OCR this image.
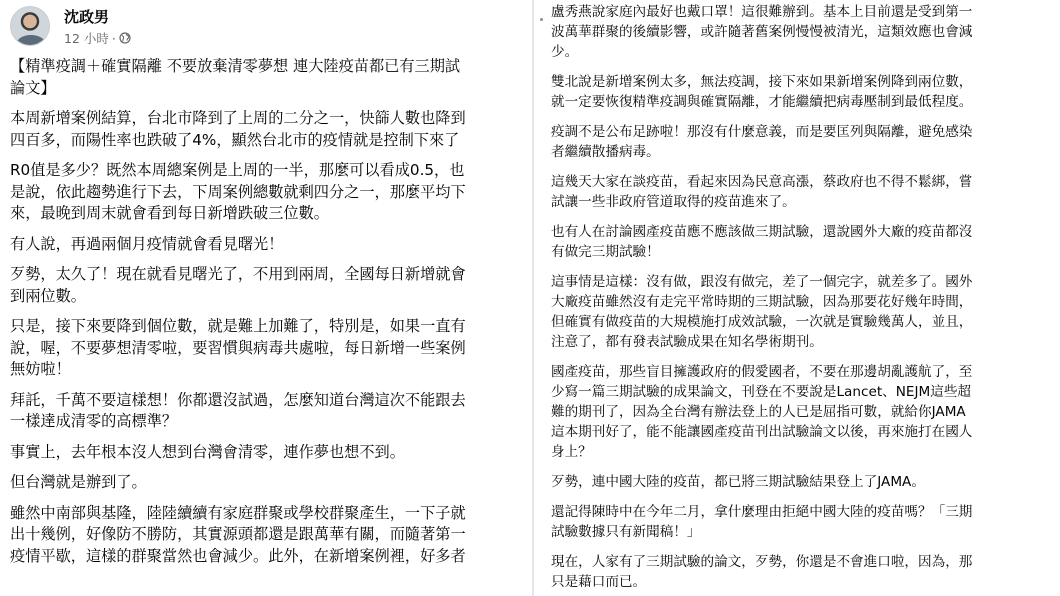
沈政男
12 小時 ·

【精準疫調＋確實隔離 不要放棄清零夢想 連大陸疫苗都已有三期試
論文】

本周新增案例結算，台北市降到了上周的二分之一，快篩人數也降到
四百多，而陽性率也跌破了4%，顯然台北市的疫情就是控制下來了

R0值是多少？既然本周總案例是上周的一半，那麼可以看成0.5，也
是說，依此趨勢進行下去，下周案例總數就剩四分之一，那麼平均下
來，最晚到周末就會看到每日新增跌破三位數。

有人說，再過兩個月疫情就會看見曙光！

歹勢，太久了！現在就看見曙光了，不用到兩周，全國每日新增就會
到兩位數。

只是，接下來要降到個位數，就是難上加難了，特別是，如果一直有
說，喔，不要夢想清零啦，要習慣與病毒共處啦，每日新增一些案例
無妨啦！

拜託，千萬不要這樣想！你都還沒試過，怎麼知道台灣這次不能跟去
一樣達成清零的高標準？

事實上，去年根本沒人想到台灣會清零，連作夢也想不到。

但台灣就是辦到了。

雖然中南部與基隆，陸陸續續有家庭群聚或學校群聚產生，一下子就
出十幾例，好像防不勝防，其實源頭都還是跟萬華有關，而隨著第一
疫情平歇，這樣的群聚當然也會減少。此外，在新增案例裡，好多者

盧秀燕說家庭內最好也戴口罩！這很難辦到。基本上目前還是受到第一
波萬華群聚的後續影響，或許隨著舊案例慢慢被清光，這類效應也會減
少。

雙北說是新增案例太多，無法疫調，接下來如果新增案例降到兩位數，
就一定要恢復精準疫調與確實隔離，才能繼續把病毒壓制到最低程度。

疫調不是公布足跡啦！那沒有什麼意義，而是要匡列與隔離，避免感染
者繼續散播病毒。

這幾天大家在談疫苗，看起來因為民意高漲，蔡政府也不得不鬆綁，嘗
試讓一些非政府管道取得的疫苗進來了。

也有人在討論國產疫苗應不應該做三期試驗，還說國外大廠的疫苗都沒
有做完三期試驗！

這事情是這樣：沒有做，跟沒有做完，差了一個完字，就差多了。國外
大廠疫苗雖然沒有走完平常時期的三期試驗，因為那要花好幾年時間，
但確實有做疫苗的大規模施打成效試驗，一次就是實驗幾萬人，並且，
注意了，都有發表試驗成果在知名學術期刊。

國產疫苗，那些盲目擁護政府的假愛國者，不要在那邊胡亂護航了，至
少寫一篇三期試驗的成果論文，刊登在不要說是Lancet、NEJM這些超
難的期刊了，因為全台灣有辦法登上的人已是屈指可數，就給你JAMA
這本期刊好了，能不能讓國產疫苗刊出試驗論文以後，再來施打在國人
身上？

歹勢，連中國大陸的疫苗，都已將三期試驗結果登上了JAMA。

還記得陳時中在今年二月，拿什麼理由拒絕中國大陸的疫苗嗎？「三期
試驗數據只有新聞稿！」

現在，人家有了三期試驗的論文，歹勢，你還是不會進口啦，因為，那
只是藉口而已。
